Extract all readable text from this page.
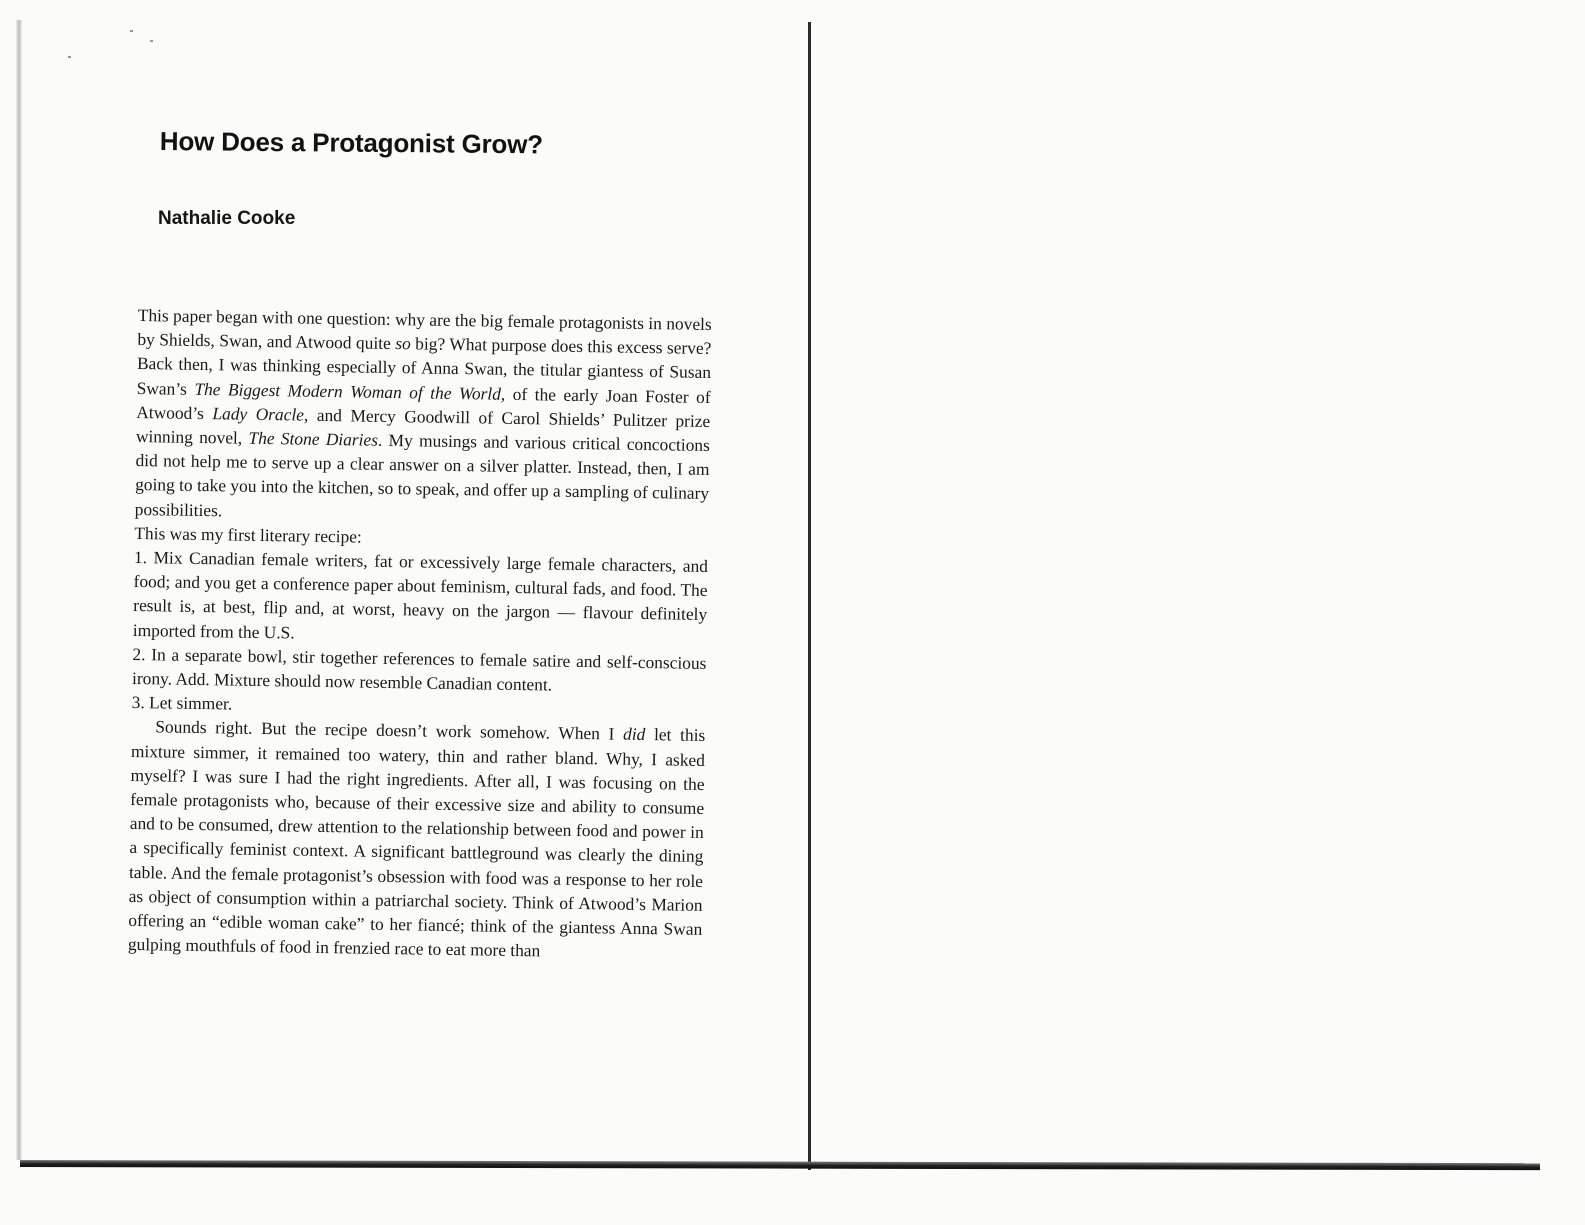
How Does a Protagonist Grow?
Nathalie Cooke

This paper began with one question: why are the big female protagonists in novels by Shields, Swan, and Atwood quite so big? What purpose does this excess serve? Back then, I was thinking especially of Anna Swan, the titular giantess of Susan Swan’s The Biggest Modern Woman of the World, of the early Joan Foster of Atwood’s Lady Oracle, and Mercy Goodwill of Carol Shields’ Pulitzer prize winning novel, The Stone Diaries. My musings and various critical concoctions did not help me to serve up a clear answer on a silver platter. Instead, then, I am going to take you into the kitchen, so to speak, and offer up a sampling of culinary possibilities.

This was my first literary recipe:

1. Mix Canadian female writers, fat or excessively large female characters, and food; and you get a conference paper about feminism, cultural fads, and food. The result is, at best, flip and, at worst, heavy on the jargon — flavour definitely imported from the U.S.

2. In a separate bowl, stir together references to female satire and self-conscious irony. Add. Mixture should now resemble Canadian content.

3. Let simmer.

Sounds right. But the recipe doesn’t work somehow. When I did let this mixture simmer, it remained too watery, thin and rather bland. Why, I asked myself? I was sure I had the right ingredients. After all, I was focusing on the female protagonists who, because of their excessive size and ability to consume and to be consumed, drew attention to the relationship between food and power in a specifically feminist context. A significant battleground was clearly the dining table. And the female protagonist’s obsession with food was a response to her role as object of consumption within a patriarchal society. Think of Atwood’s Marion offering an “edible woman cake” to her fiancé; think of the giantess Anna Swan gulping mouthfuls of food in frenzied race to eat more than
